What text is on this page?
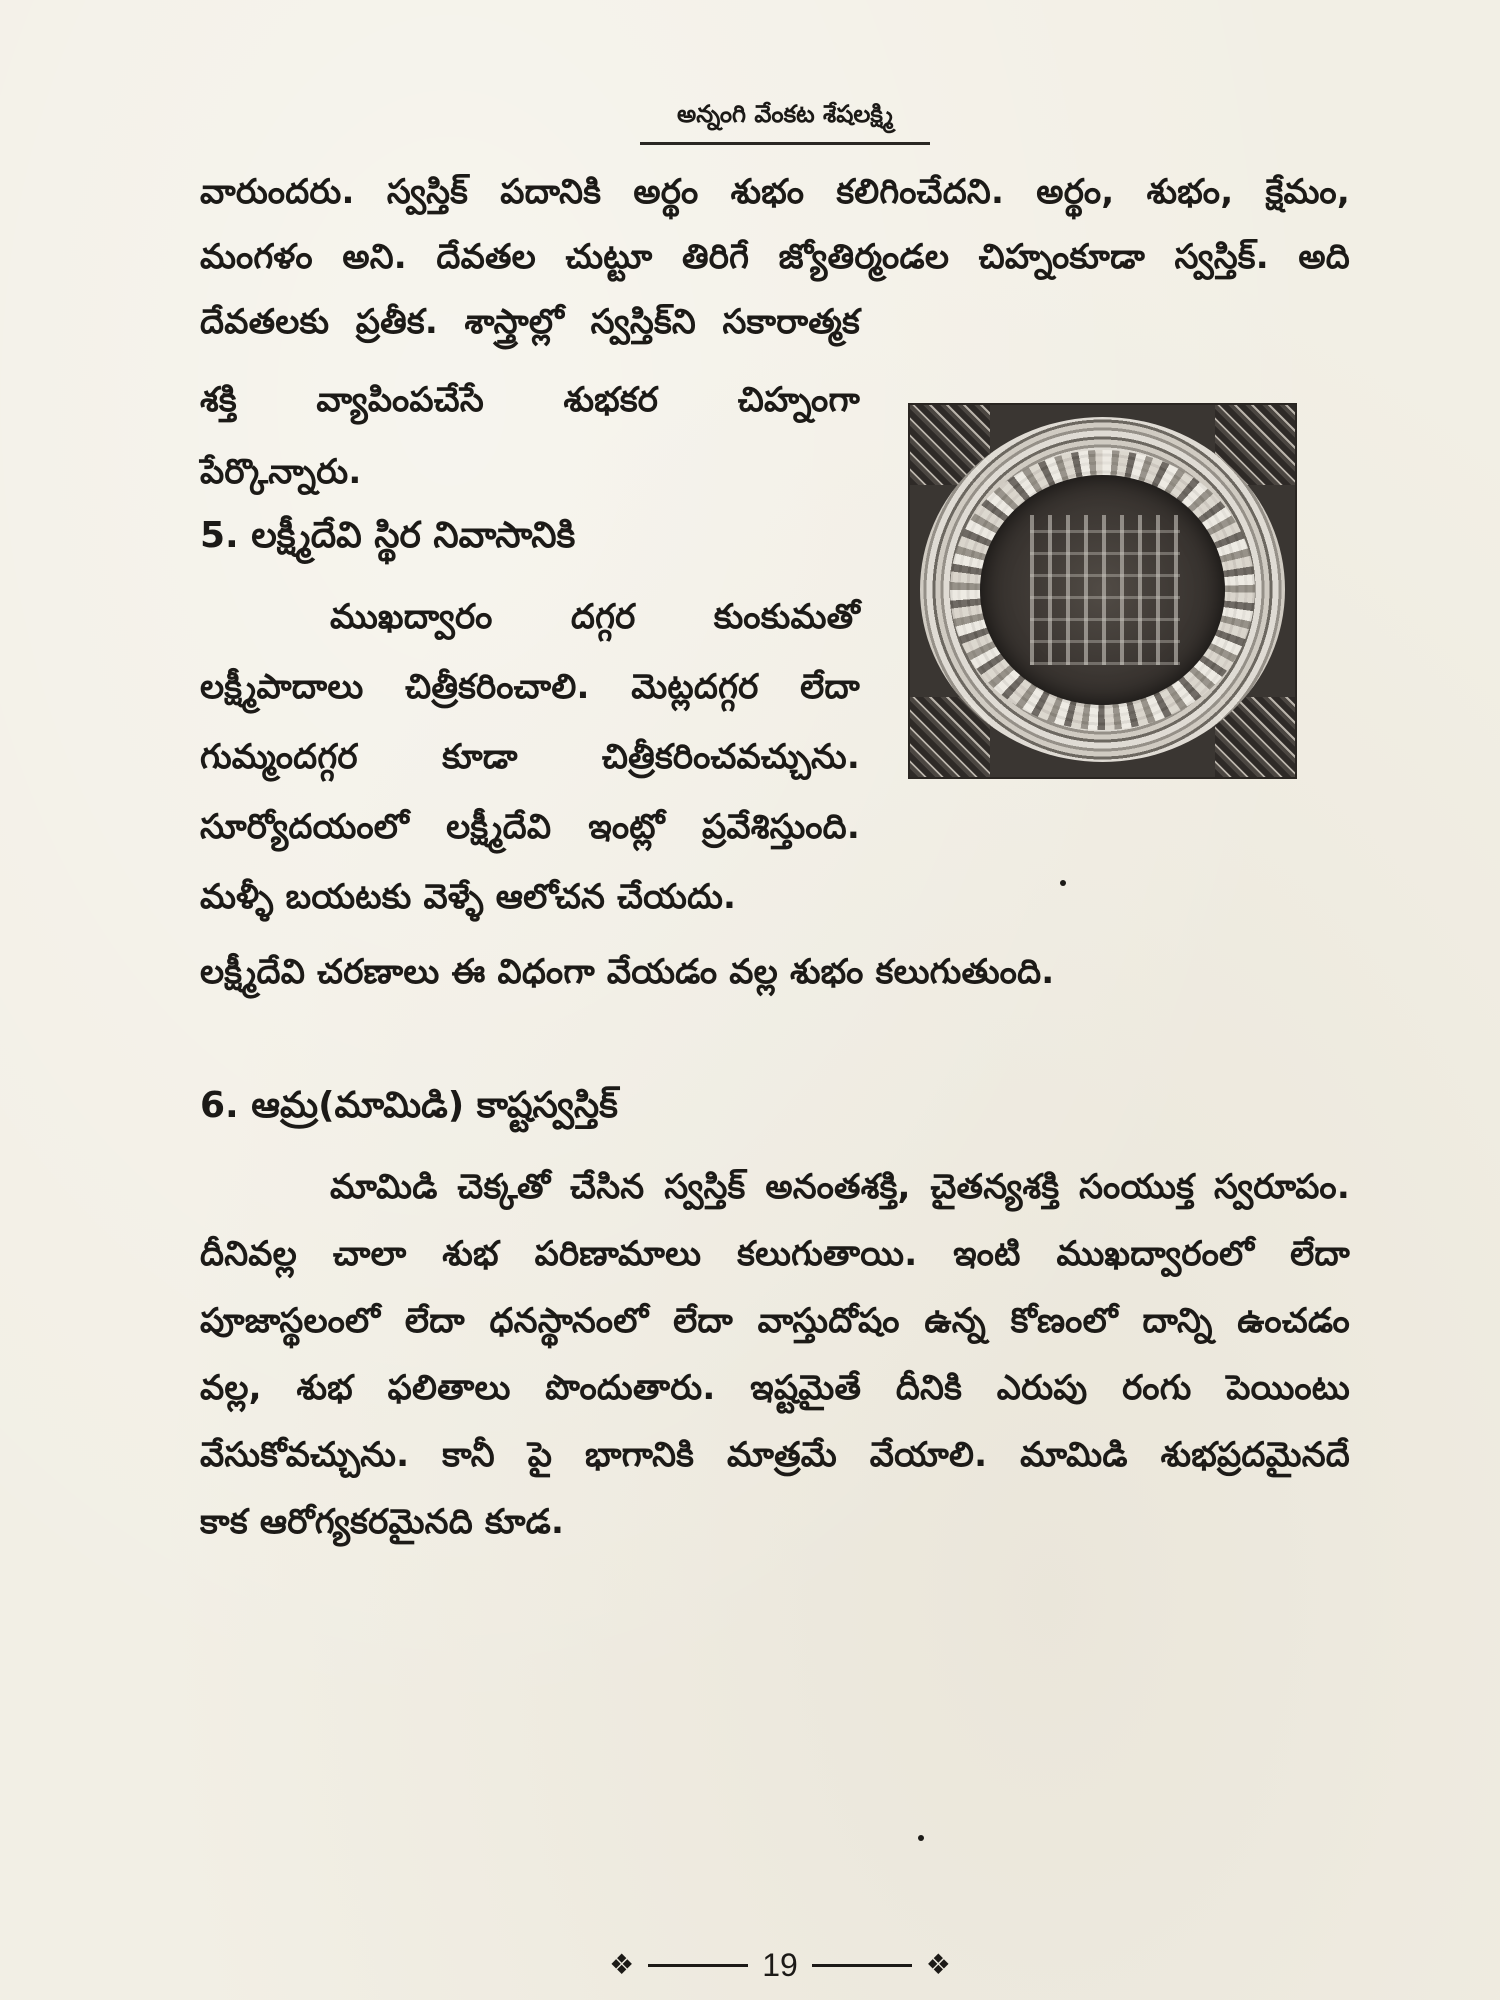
అన్నంగి వేంకట శేషలక్ష్మి
వారుందరు. స్వస్తిక్ పదానికి అర్థం శుభం కలిగించేదని. అర్థం, శుభం, క్షేమం,
మంగళం అని. దేవతల చుట్టూ తిరిగే జ్యోతిర్మండల చిహ్నంకూడా స్వస్తిక్. అది
దేవతలకు ప్రతీక. శాస్త్రాల్లో స్వస్తిక్‌ని సకారాత్మక
శక్తి వ్యాపింపచేసే శుభకర చిహ్నంగా
పేర్కొన్నారు.
5. లక్ష్మీదేవి స్థిర నివాసానికి
ముఖద్వారం దగ్గర కుంకుమతో
లక్ష్మీపాదాలు చిత్రీకరించాలి. మెట్లదగ్గర లేదా
గుమ్మందగ్గర కూడా చిత్రీకరించవచ్చును.
సూర్యోదయంలో లక్ష్మీదేవి ఇంట్లో ప్రవేశిస్తుంది.
మళ్ళీ బయటకు వెళ్ళే ఆలోచన చేయదు.
లక్ష్మీదేవి చరణాలు ఈ విధంగా వేయడం వల్ల శుభం కలుగుతుంది.
6. ఆమ్ర(మామిడి) కాష్టస్వస్తిక్
మామిడి చెక్కతో చేసిన స్వస్తిక్ అనంతశక్తి, చైతన్యశక్తి సంయుక్త స్వరూపం.
దీనివల్ల చాలా శుభ పరిణామాలు కలుగుతాయి. ఇంటి ముఖద్వారంలో లేదా
పూజాస్థలంలో లేదా ధనస్థానంలో లేదా వాస్తుదోషం ఉన్న కోణంలో దాన్ని ఉంచడం
వల్ల, శుభ ఫలితాలు పొందుతారు. ఇష్టమైతే దీనికి ఎరుపు రంగు పెయింటు
వేసుకోవచ్చును. కానీ పై భాగానికి మాత్రమే వేయాలి. మామిడి శుభప్రదమైనదే
కాక ఆరోగ్యకరమైనది కూడ.
❖	19	❖
